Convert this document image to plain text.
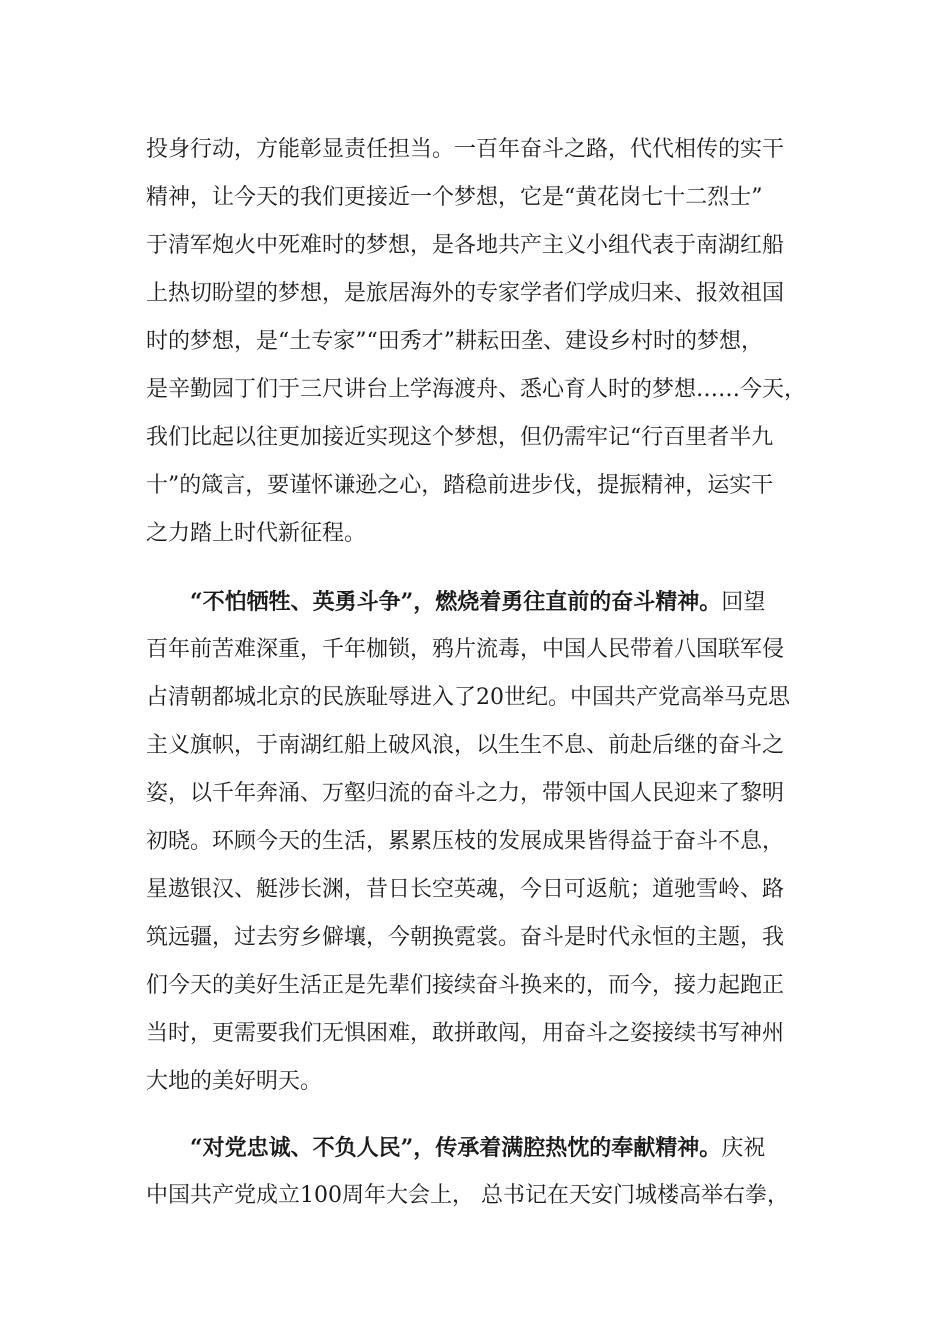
投身行动，方能彰显责任担当。一百年奋斗之路，代代相传的实干
精神，让今天的我们更接近一个梦想，它是“黄花岗七十二烈士”
于清军炮火中死难时的梦想，是各地共产主义小组代表于南湖红船
上热切盼望的梦想，是旅居海外的专家学者们学成归来、报效祖国
时的梦想，是“土专家”“田秀才”耕耘田垄、建设乡村时的梦想，
是辛勤园丁们于三尺讲台上学海渡舟、悉心育人时的梦想……今天，
我们比起以往更加接近实现这个梦想，但仍需牢记“行百里者半九
十”的箴言，要谨怀谦逊之心，踏稳前进步伐，提振精神，运实干
之力踏上时代新征程。
“不怕牺牲、英勇斗争”，燃烧着勇往直前的奋斗精神。回望
百年前苦难深重，千年枷锁，鸦片流毒，中国人民带着八国联军侵
占清朝都城北京的民族耻辱进入了20世纪。中国共产党高举马克思
主义旗帜，于南湖红船上破风浪，以生生不息、前赴后继的奋斗之
姿，以千年奔涌、万壑归流的奋斗之力，带领中国人民迎来了黎明
初晓。环顾今天的生活，累累压枝的发展成果皆得益于奋斗不息，
星遨银汉、艇涉长渊，昔日长空英魂，今日可返航；道驰雪岭、路
筑远疆，过去穷乡僻壤，今朝换霓裳。奋斗是时代永恒的主题，我
们今天的美好生活正是先辈们接续奋斗换来的，而今，接力起跑正
当时，更需要我们无惧困难，敢拼敢闯，用奋斗之姿接续书写神州
大地的美好明天。
“对党忠诚、不负人民”，传承着满腔热忱的奉献精神。庆祝
中国共产党成立100周年大会上， 总书记在天安门城楼高举右拳，
